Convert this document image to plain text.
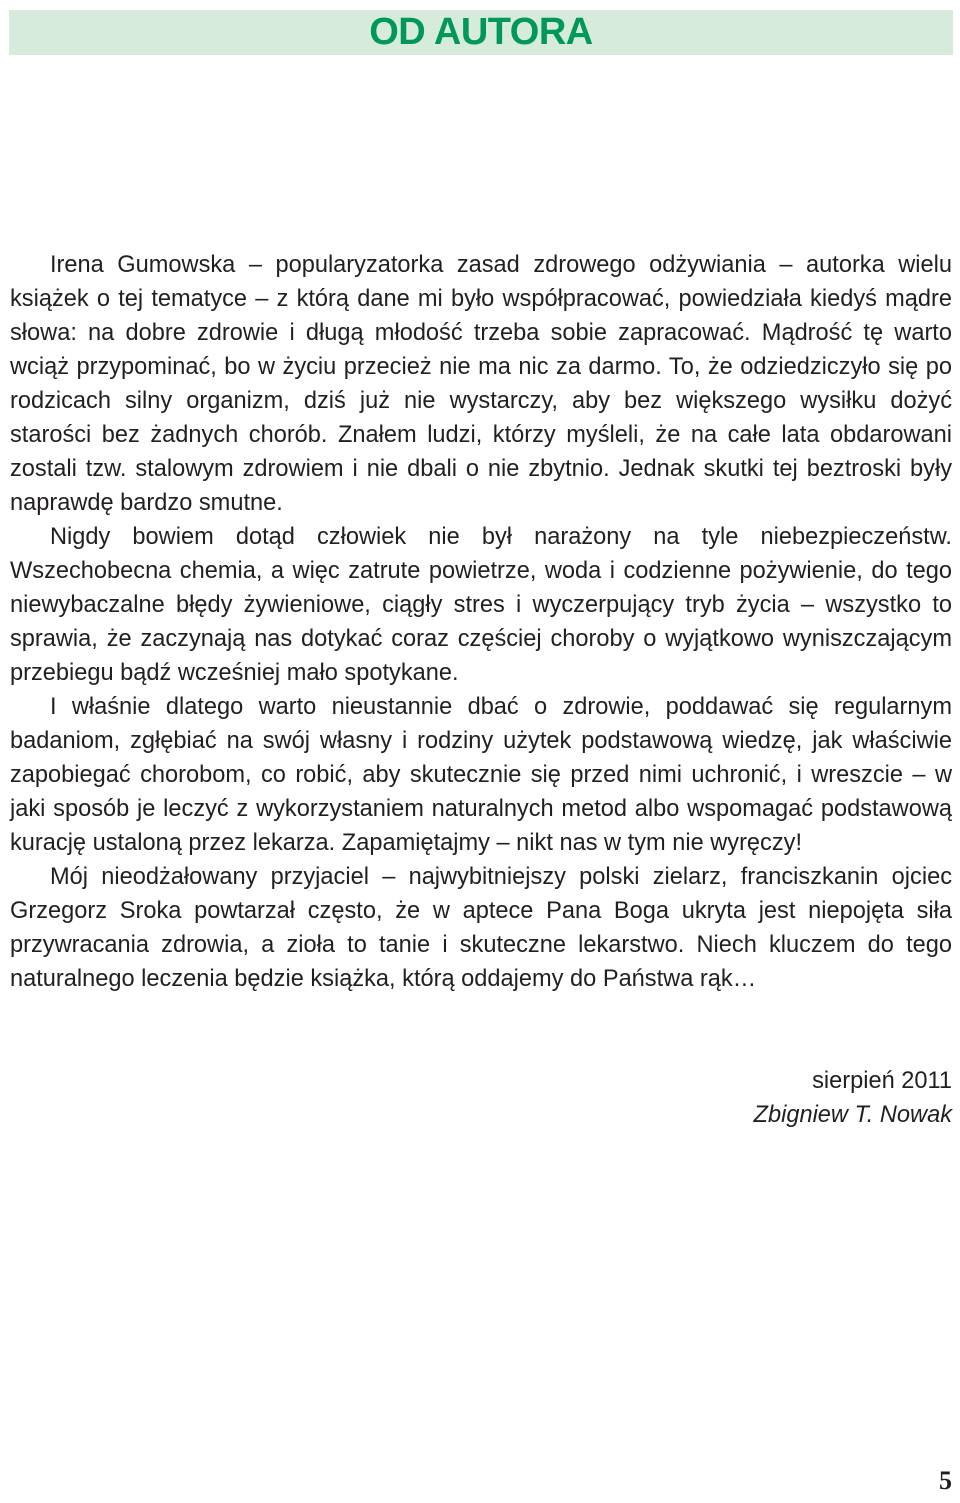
OD AUTORA

Irena Gumowska – popularyzatorka zasad zdrowego odżywiania – autorka wielu książek o tej tematyce – z którą dane mi było współpracować, powiedziała kiedyś mądre słowa: na dobre zdrowie i długą młodość trzeba sobie zapracować. Mądrość tę warto wciąż przypominać, bo w życiu przecież nie ma nic za darmo. To, że odziedziczyło się po rodzicach silny organizm, dziś już nie wystarczy, aby bez większego wysiłku dożyć starości bez żadnych chorób. Znałem ludzi, którzy myśleli, że na całe lata obdarowani zostali tzw. stalowym zdrowiem i nie dbali o nie zbytnio. Jednak skutki tej beztroski były naprawdę bardzo smutne.

Nigdy bowiem dotąd człowiek nie był narażony na tyle niebezpieczeństw. Wszechobecna chemia, a więc zatrute powietrze, woda i codzienne pożywienie, do tego niewybaczalne błędy żywieniowe, ciągły stres i wyczerpujący tryb życia – wszystko to sprawia, że zaczynają nas dotykać coraz częściej choroby o wyjątkowo wyniszczającym przebiegu bądź wcześniej mało spotykane.

I właśnie dlatego warto nieustannie dbać o zdrowie, poddawać się regularnym badaniom, zgłębiać na swój własny i rodziny użytek podstawową wiedzę, jak właściwie zapobiegać chorobom, co robić, aby skutecznie się przed nimi uchronić, i wreszcie – w jaki sposób je leczyć z wykorzystaniem naturalnych metod albo wspomagać podstawową kurację ustaloną przez lekarza. Zapamiętajmy – nikt nas w tym nie wyręczy!

Mój nieodżałowany przyjaciel – najwybitniejszy polski zielarz, franciszkanin ojciec Grzegorz Sroka powtarzał często, że w aptece Pana Boga ukryta jest niepojęta siła przywracania zdrowia, a zioła to tanie i skuteczne lekarstwo. Niech kluczem do tego naturalnego leczenia będzie książka, którą oddajemy do Państwa rąk…

sierpień 2011
Zbigniew T. Nowak
5
